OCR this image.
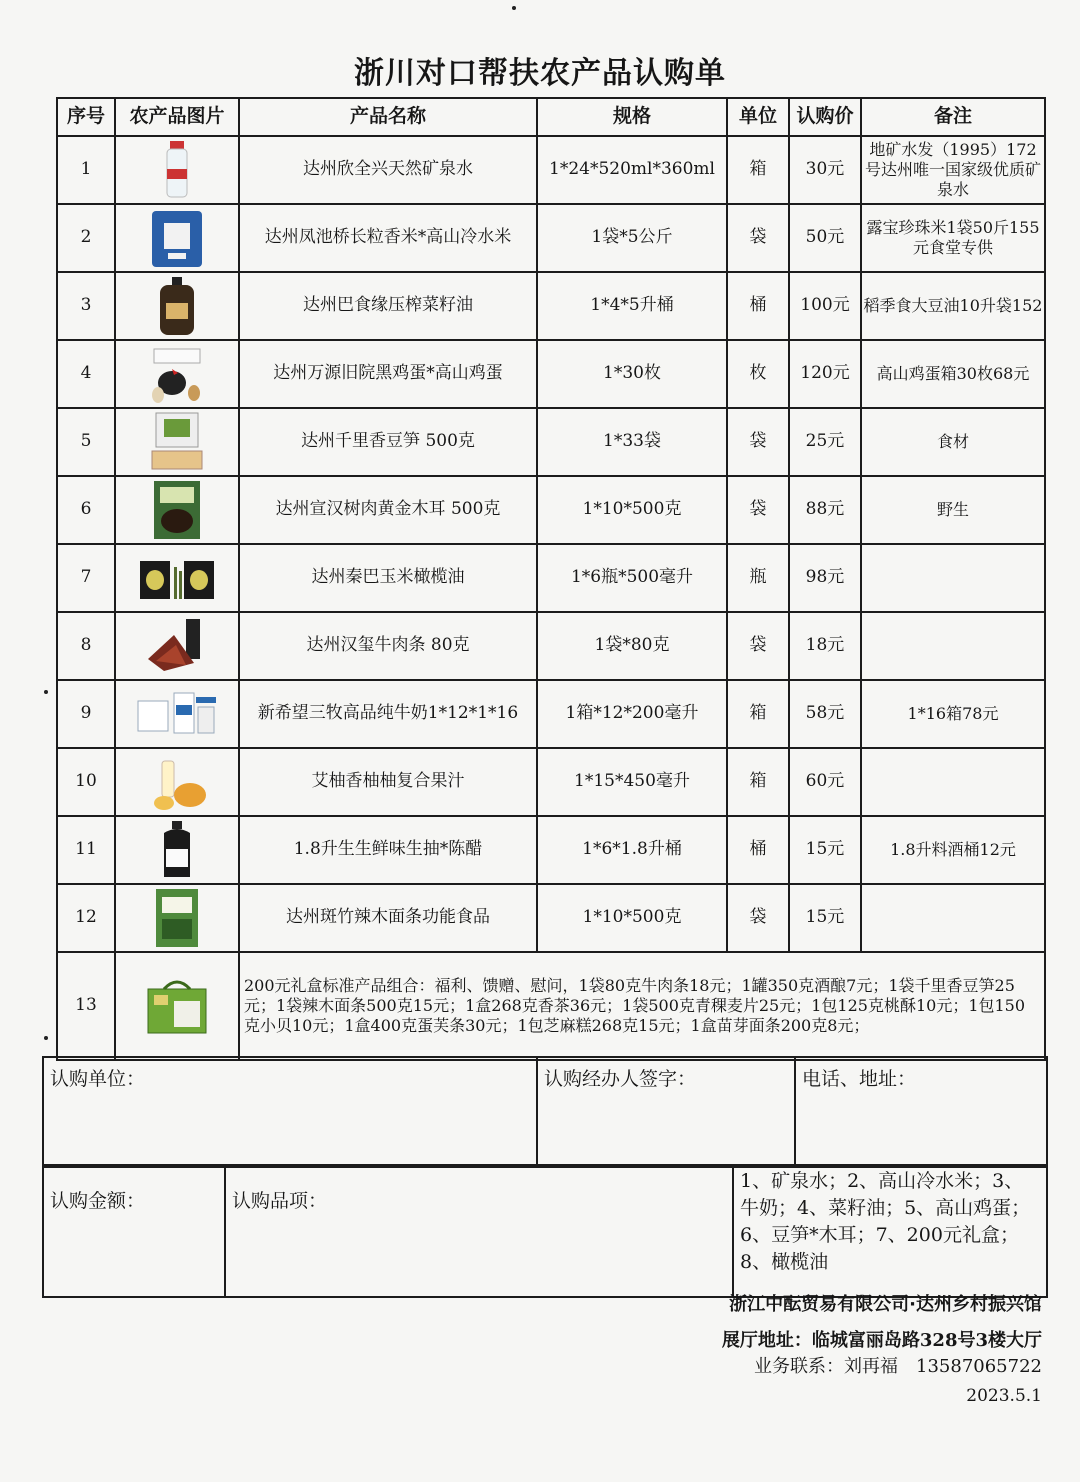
浙川对口帮扶农产品认购单
序号	农产品图片	产品名称	规格	单位	认购价	备注
1		达州欣全兴天然矿泉水	1*24*520ml*360ml	箱	30元	地矿水发（1995）172号达州唯一国家级优质矿泉水
2		达州凤池桥长粒香米*高山冷水米	1袋*5公斤	袋	50元	露宝珍珠米1袋50斤155元食堂专供
3		达州巴食缘压榨菜籽油	1*4*5升桶	桶	100元	稻季食大豆油10升袋152
4		达州万源旧院黑鸡蛋*高山鸡蛋	1*30枚	枚	120元	高山鸡蛋箱30枚68元
5		达州千里香豆笋 500克	1*33袋	袋	25元	食材
6		达州宣汉树肉黄金木耳 500克	1*10*500克	袋	88元	野生
7		达州秦巴玉米橄榄油	1*6瓶*500毫升	瓶	98元	
8		达州汉玺牛肉条 80克	1袋*80克	袋	18元	
9		新希望三牧高品纯牛奶1*12*1*16	1箱*12*200毫升	箱	58元	1*16箱78元
10		艾柚香柚柚复合果汁	1*15*450毫升	箱	60元	
11		1.8升生生鲜味生抽*陈醋	1*6*1.8升桶	桶	15元	1.8升料酒桶12元
12		达州斑竹辣木面条功能食品	1*10*500克	袋	15元	
13		200元礼盒标准产品组合：福利、馈赠、慰问，1袋80克牛肉条18元；1罐350克酒酿7元；1袋千里香豆笋25元；1袋辣木面条500克15元；1盒268克香茶36元；1袋500克青稞麦片25元；1包125克桃酥10元；1包150克小贝10元；1盒400克蛋芙条30元；1包芝麻糕268克15元；1盒苗芽面条200克8元；				
认购单位：	认购经办人签字：	电话、地址：
认购金额：	认购品项：	1、矿泉水；2、高山冷水米；3、牛奶；4、菜籽油；5、高山鸡蛋；6、豆笋*木耳；7、200元礼盒；8、橄榄油
浙江中酝贸易有限公司·达州乡村振兴馆
展厅地址：临城富丽岛路328号3楼大厅
业务联系：刘再福　13587065722
2023.5.1
